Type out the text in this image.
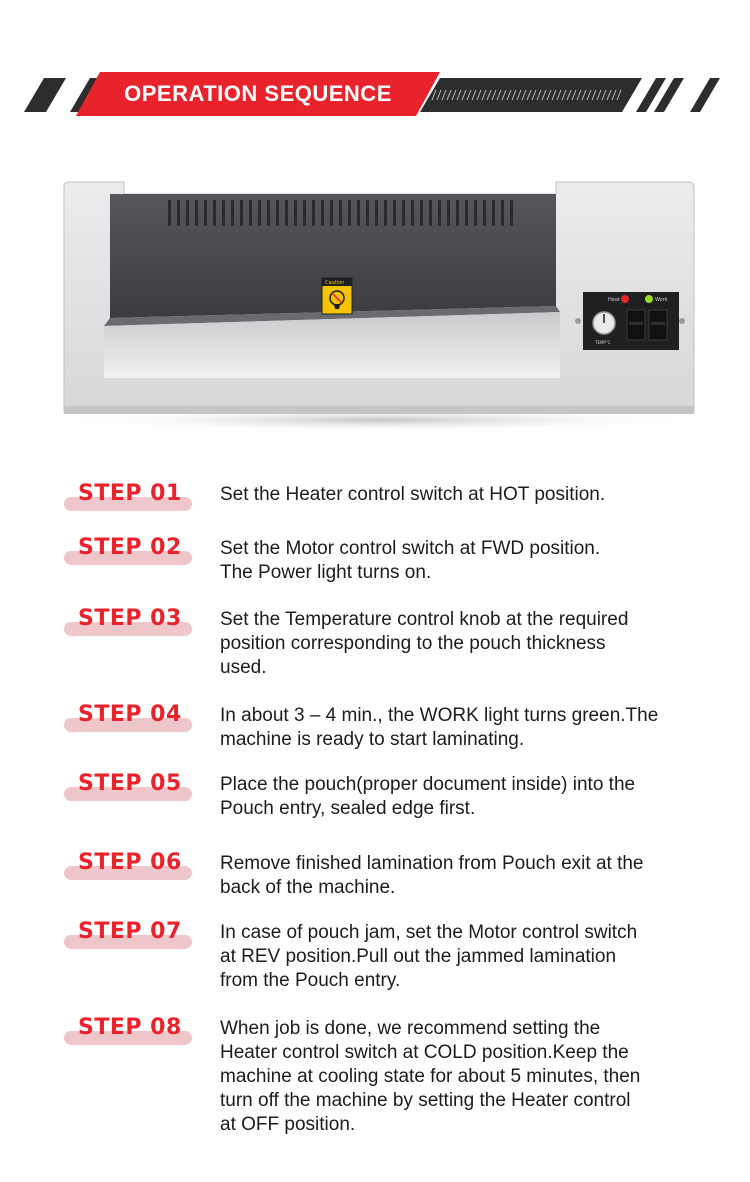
OPERATION SEQUENCE
Heat	Work
TEMP°C
Caution
STEP 01 Set the Heater control switch at HOT position.
STEP 02 Set the Motor control switch at FWD position.
The Power light turns on.
STEP 03 Set the Temperature control knob at the required
position corresponding to the pouch thickness
used.
STEP 04 In about 3 – 4 min., the WORK light turns green.The
machine is ready to start laminating.
STEP 05 Place the pouch(proper document inside) into the
Pouch entry, sealed edge first.
STEP 06 Remove finished lamination from Pouch exit at the
back of the machine.
STEP 07 In case of pouch jam, set the Motor control switch
at REV position.Pull out the jammed lamination
from the Pouch entry.
STEP 08 When job is done, we recommend setting the
Heater control switch at COLD position.Keep the
machine at cooling state for about 5 minutes, then
turn off the machine by setting the Heater control
at OFF position.
